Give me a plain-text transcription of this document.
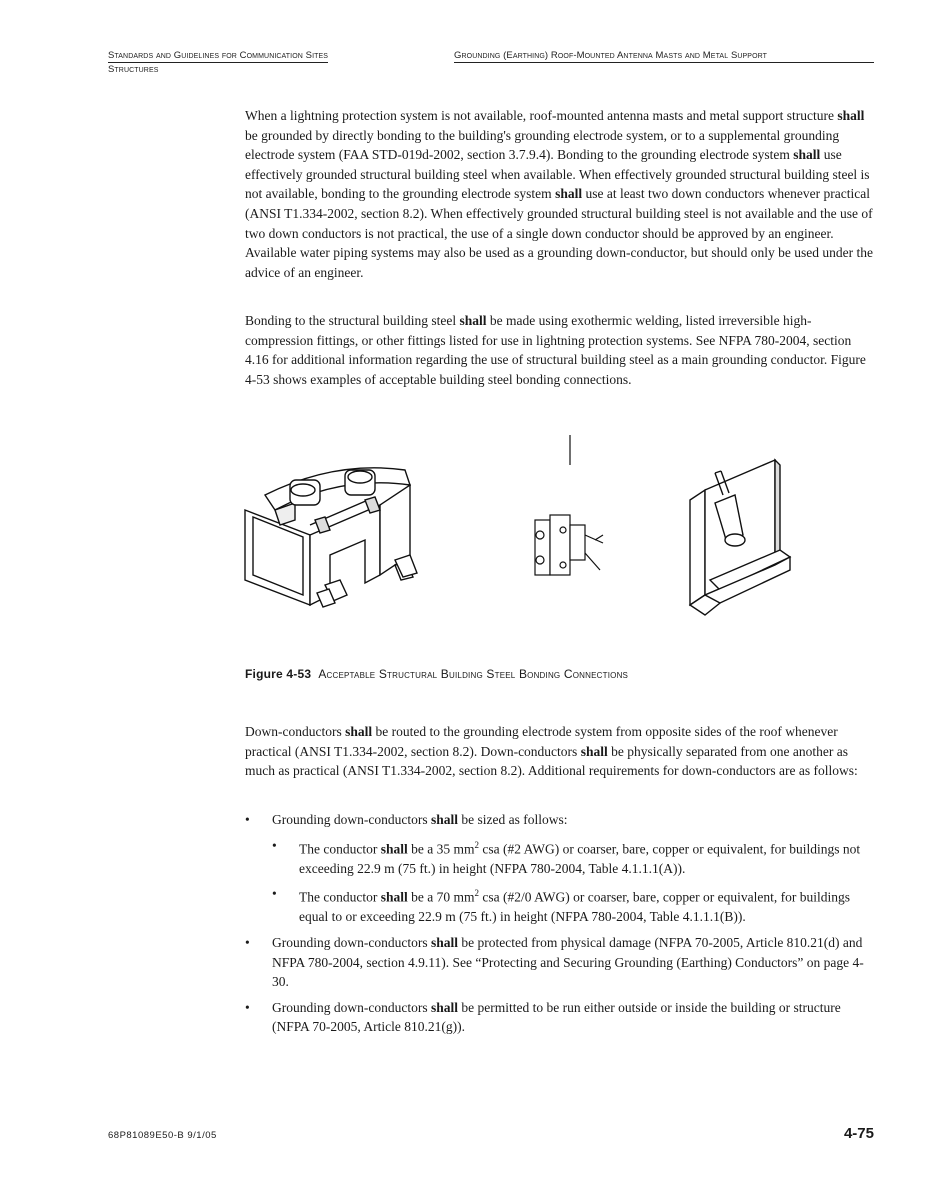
Standards and Guidelines for Communication Sites	Grounding (Earthing) Roof-Mounted Antenna Masts and Metal Support
Structures

When a lightning protection system is not available, roof-mounted antenna masts and metal support structure shall be grounded by directly bonding to the building's grounding electrode system, or to a supplemental grounding electrode system (FAA STD-019d-2002, section 3.7.9.4). Bonding to the grounding electrode system shall use effectively grounded structural building steel when available. When effectively grounded structural building steel is not available, bonding to the grounding electrode system shall use at least two down conductors whenever practical (ANSI T1.334-2002, section 8.2). When effectively grounded structural building steel is not available and the use of two down conductors is not practical, the use of a single down conductor should be approved by an engineer. Available water piping systems may also be used as a grounding down-conductor, but should only be used under the advice of an engineer.

Bonding to the structural building steel shall be made using exothermic welding, listed irreversible high-compression fittings, or other fittings listed for use in lightning protection systems. See NFPA 780-2004, section 4.16 for additional information regarding the use of structural building steel as a main grounding conductor. Figure 4-53 shows examples of acceptable building steel bonding connections.

Figure 4-53 Acceptable Structural Building Steel Bonding Connections

Down-conductors shall be routed to the grounding electrode system from opposite sides of the roof whenever practical (ANSI T1.334-2002, section 8.2). Down-conductors shall be physically separated from one another as much as practical (ANSI T1.334-2002, section 8.2). Additional requirements for down-conductors are as follows:

• Grounding down-conductors shall be sized as follows:
• The conductor shall be a 35 $mm^2$ csa (#2 AWG) or coarser, bare, copper or equivalent, for buildings not exceeding 22.9 m (75 ft.) in height (NFPA 780-2004, Table 4.1.1.1(A)).
• The conductor shall be a 70 $mm^2$ csa (#2/0 AWG) or coarser, bare, copper or equivalent, for buildings equal to or exceeding 22.9 m (75 ft.) in height (NFPA 780-2004, Table 4.1.1.1(B)).
• Grounding down-conductors shall be protected from physical damage (NFPA 70-2005, Article 810.21(d) and NFPA 780-2004, section 4.9.11). See “Protecting and Securing Grounding (Earthing) Conductors” on page 4-30.
• Grounding down-conductors shall be permitted to be run either outside or inside the building or structure (NFPA 70-2005, Article 810.21(g)).
68P81089E50-B 9/1/05	4-75
